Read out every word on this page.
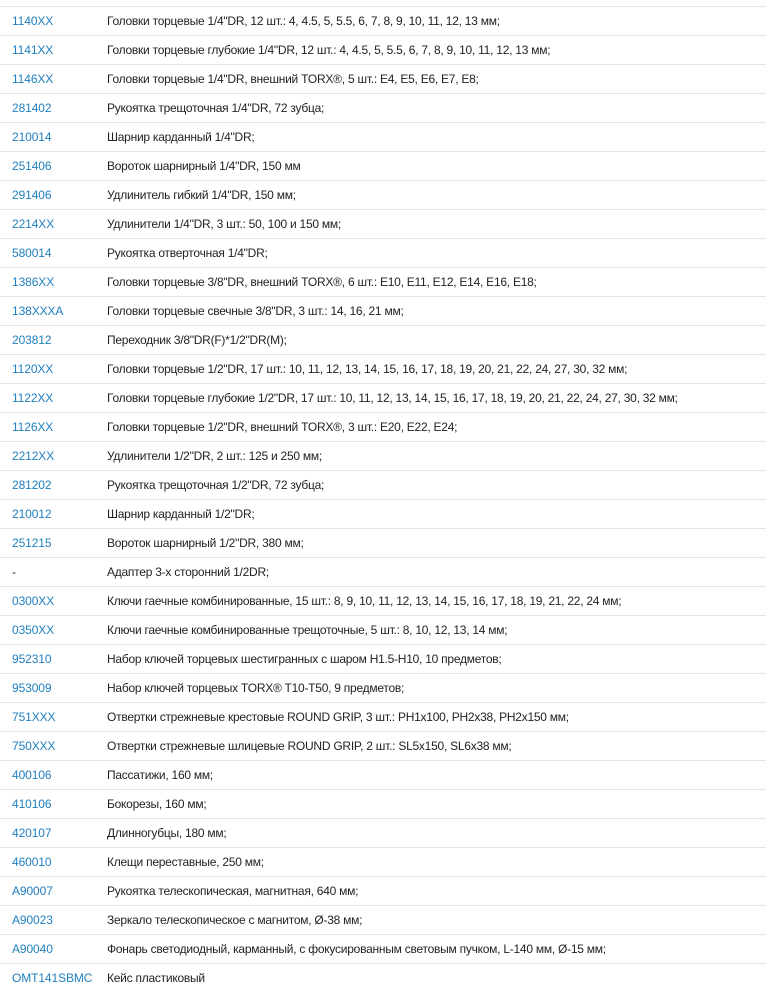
1140XX	Головки торцевые 1/4"DR, 12 шт.: 4, 4.5, 5, 5.5, 6, 7, 8, 9, 10, 11, 12, 13 мм;
1141XX	Головки торцевые глубокие 1/4"DR, 12 шт.: 4, 4.5, 5, 5.5, 6, 7, 8, 9, 10, 11, 12, 13 мм;
1146XX	Головки торцевые 1/4"DR, внешний TORX®, 5 шт.: E4, E5, E6, E7, E8;
281402	Рукоятка трещоточная 1/4"DR, 72 зубца;
210014	Шарнир карданный 1/4"DR;
251406	Вороток шарнирный 1/4"DR, 150 мм
291406	Удлинитель гибкий 1/4"DR, 150 мм;
2214XX	Удлинители 1/4"DR, 3 шт.: 50, 100 и 150 мм;
580014	Рукоятка отверточная 1/4"DR;
1386XX	Головки торцевые 3/8"DR, внешний TORX®, 6 шт.: E10, E11, E12, E14, E16, E18;
138XXXA	Головки торцевые свечные 3/8"DR, 3 шт.: 14, 16, 21 мм;
203812	Переходник 3/8"DR(F)*1/2"DR(M);
1120XX	Головки торцевые 1/2"DR, 17 шт.: 10, 11, 12, 13, 14, 15, 16, 17, 18, 19, 20, 21, 22, 24, 27, 30, 32 мм;
1122XX	Головки торцевые глубокие 1/2"DR, 17 шт.: 10, 11, 12, 13, 14, 15, 16, 17, 18, 19, 20, 21, 22, 24, 27, 30, 32 мм;
1126XX	Головки торцевые 1/2"DR, внешний TORX®, 3 шт.: E20, E22, E24;
2212XX	Удлинители 1/2"DR, 2 шт.: 125 и 250 мм;
281202	Рукоятка трещоточная 1/2"DR, 72 зубца;
210012	Шарнир карданный 1/2"DR;
251215	Вороток шарнирный 1/2"DR, 380 мм;
-	Адаптер 3-х сторонний 1/2DR;
0300XX	Ключи гаечные комбинированные, 15 шт.: 8, 9, 10, 11, 12, 13, 14, 15, 16, 17, 18, 19, 21, 22, 24 мм;
0350XX	Ключи гаечные комбинированные трещоточные, 5 шт.: 8, 10, 12, 13, 14 мм;
952310	Набор ключей торцевых шестигранных с шаром H1.5-H10, 10 предметов;
953009	Набор ключей торцевых TORX® T10-T50, 9 предметов;
751XXX	Отвертки стрежневые крестовые ROUND GRIP, 3 шт.: PH1x100, PH2x38, PH2x150 мм;
750XXX	Отвертки стрежневые шлицевые ROUND GRIP, 2 шт.: SL5x150, SL6x38 мм;
400106	Пассатижи, 160 мм;
410106	Бокорезы, 160 мм;
420107	Длинногубцы, 180 мм;
460010	Клещи переставные, 250 мм;
A90007	Рукоятка телескопическая, магнитная, 640 мм;
A90023	Зеркало телескопическое с магнитом, Ø-38 мм;
A90040	Фонарь светодиодный, карманный, с фокусированным световым пучком, L-140 мм, Ø-15 мм;
OMT141SBMC Кейс пластиковый
